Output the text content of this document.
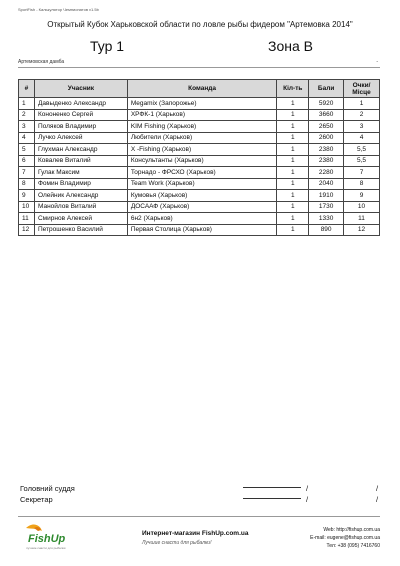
SportFish - Калькулятор Чемпионатов v1.5b
Открытый Кубок Харьковской области по ловле рыбы фидером "Артемовка 2014"
Тур 1	Зона В
Артемовская дамба	-
#	Учасник	Команда	Кіл-ть	Бали	Очки/ Місце
1	Давыденко Александр	Megamix (Запорожье)	1	5920	1
2	Кононенко Сергей	ХРФК-1 (Харьков)	1	3660	2
3	Поляков Владимир	KIM Fishing (Харьков)	1	2650	3
4	Лучко Алексей	Любители (Харьков)	1	2600	4
5	Глухман Александр	X -Fishing (Харьков)	1	2380	5,5
6	Ковалев Виталий	Консультанты (Харьков)	1	2380	5,5
7	Гулак Максим	Торнадо - ФРСХО (Харьков)	1	2280	7
8	Фомин Владимир	Team Work (Харьков)	1	2040	8
9	Олейник Александр	Кумовья (Харьков)	1	1910	9
10	Манойлов Виталий	ДОСААФ (Харьков)	1	1730	10
11	Смирнов Алексей	6н2 (Харьков)	1	1330	11
12	Петрошенко Василий	Первая Столица (Харьков)	1	890	12
Головний суддя	/	/
Секретар	/	/
FishUp
лучшие снасти для рыбалки
Интернет-магазин FishUp.com.ua
Лучшие снасти для рыбалки!
Web: http://fishup.com.ua
E-mail: eugene@fishup.com.ua
Тел: +38 (095) 7416760
